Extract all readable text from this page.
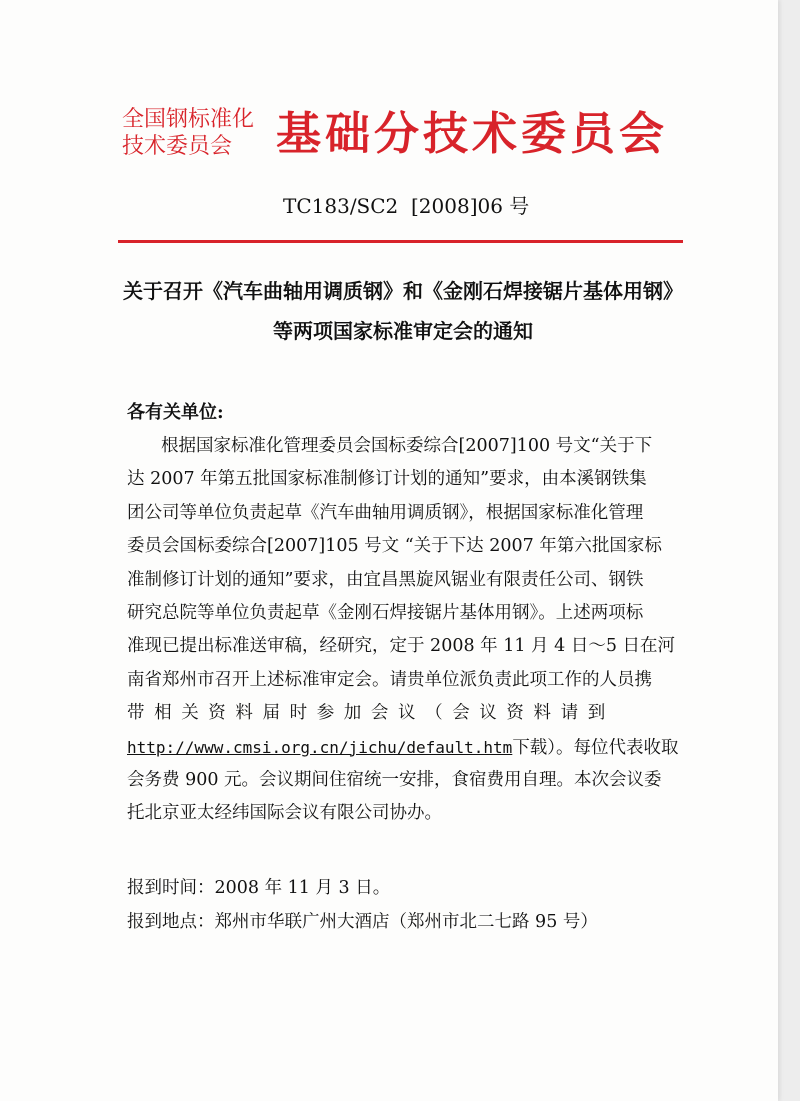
全国钢标准化
技术委员会 基础分技术委员会
TC183/SC2  [2008]06 号
关于召开《汽车曲轴用调质钢》和《金刚石焊接锯片基体用钢》
等两项国家标准审定会的通知
各有关单位:
根据国家标准化管理委员会国标委综合[2007]100 号文“关于下
达 2007 年第五批国家标准制修订计划的通知”要求，由本溪钢铁集
团公司等单位负责起草《汽车曲轴用调质钢》，根据国家标准化管理
委员会国标委综合[2007]105 号文 “关于下达 2007 年第六批国家标
准制修订计划的通知”要求，由宜昌黑旋风锯业有限责任公司、钢铁
研究总院等单位负责起草《金刚石焊接锯片基体用钢》。上述两项标
准现已提出标准送审稿，经研究，定于 2008 年 11 月 4 日～5 日在河
南省郑州市召开上述标准审定会。请贵单位派负责此项工作的人员携
带相关资料届时参加会议（会议资料请到
http://www.cmsi.org.cn/jichu/default.htm下载）。每位代表收取
会务费 900 元。会议期间住宿统一安排，食宿费用自理。本次会议委
托北京亚太经纬国际会议有限公司协办。
报到时间：2008 年 11 月 3 日。
报到地点：郑州市华联广州大酒店（郑州市北二七路 95 号）
